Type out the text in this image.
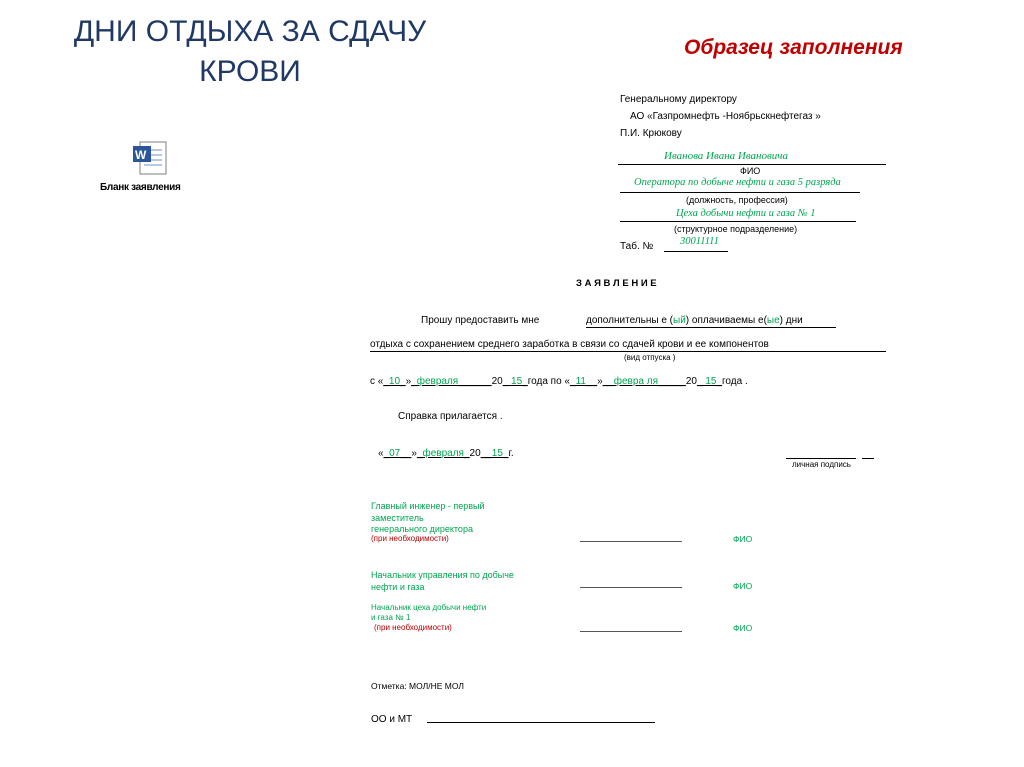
ДНИ ОТДЫХА ЗА СДАЧУ КРОВИ
Образец заполнения
W
Бланк заявления
Генеральному директору
АО «Газпромнефть -Ноябрьскнефтегаз »
П.И. Крюкову
Иванова Ивана Ивановича
ФИО
Оператора по добыче нефти и газа 5 разряда
(должность, профессия)
Цеха добычи нефти и газа № 1
(структурное подразделение)
Таб. №	30011111
З А Я В Л Е Н И Е
Прошу предоставить мне	дополнительны е (ый) оплачиваемы е(ые) дни
отдыха с сохранением среднего заработка в связи со сдачей крови и ее компонентов
(вид отпуска )
с «_10_»_февраля______20_ 15_года по «_11__»__февра ля_____20_ 15_года .
Справка прилагается .
«_07__»_февраля_20__15_г.
личная подпись
Главный инженер - первый
заместитель
генерального директора
(при необходимости)	ФИО
Начальник управления по добыче
нефти и газа	ФИО
Начальник цеха добычи нефти
и газа № 1
(при необходимости)	ФИО
Отметка: МОЛ/НЕ МОЛ
ОО и МТ
